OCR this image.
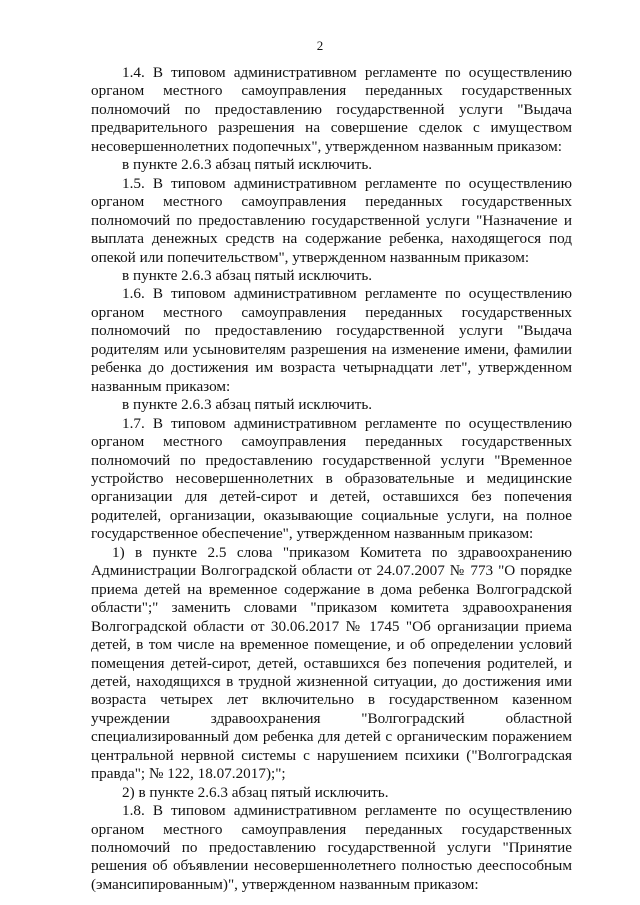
2

1.4. В типовом административном регламенте по осуществлению органом местного самоуправления переданных государственных полномочий по предоставлению государственной услуги "Выдача предварительного разрешения на совершение сделок с имуществом несовершеннолетних подопечных", утвержденном названным приказом:

в пункте 2.6.3 абзац пятый исключить.

1.5. В типовом административном регламенте по осуществлению органом местного самоуправления переданных государственных полномочий по предоставлению государственной услуги "Назначение и выплата денежных средств на содержание ребенка, находящегося под опекой или попечительством", утвержденном названным приказом:

в пункте 2.6.3 абзац пятый исключить.

1.6. В типовом административном регламенте по осуществлению органом местного самоуправления переданных государственных полномочий по предоставлению государственной услуги "Выдача родителям или усыновителям разрешения на изменение имени, фамилии ребенка до достижения им возраста четырнадцати лет", утвержденном названным приказом:

в пункте 2.6.3 абзац пятый исключить.

1.7. В типовом административном регламенте по осуществлению органом местного самоуправления переданных государственных полномочий по предоставлению государственной услуги "Временное устройство несовершеннолетних в образовательные и медицинские организации для детей-сирот и детей, оставшихся без попечения родителей, организации, оказывающие социальные услуги, на полное государственное обеспечение", утвержденном названным приказом:

1) в пункте 2.5 слова "приказом Комитета по здравоохранению Администрации Волгоградской области от 24.07.2007 № 773 "О порядке приема детей на временное содержание в дома ребенка Волгоградской области";" заменить словами "приказом комитета здравоохранения Волгоградской области от 30.06.2017 № 1745 "Об организации приема детей, в том числе на временное помещение, и об определении условий помещения детей-сирот, детей, оставшихся без попечения родителей, и детей, находящихся в трудной жизненной ситуации, до достижения ими возраста четырех лет включительно в государственном казенном учреждении здравоохранения "Волгоградский областной специализированный дом ребенка для детей с органическим поражением центральной нервной системы с нарушением психики ("Волгоградская правда"; № 122, 18.07.2017);";

2) в пункте 2.6.3 абзац пятый исключить.

1.8. В типовом административном регламенте по осуществлению органом местного самоуправления переданных государственных полномочий по предоставлению государственной услуги "Принятие решения об объявлении несовершеннолетнего полностью дееспособным (эмансипированным)", утвержденном названным приказом:
